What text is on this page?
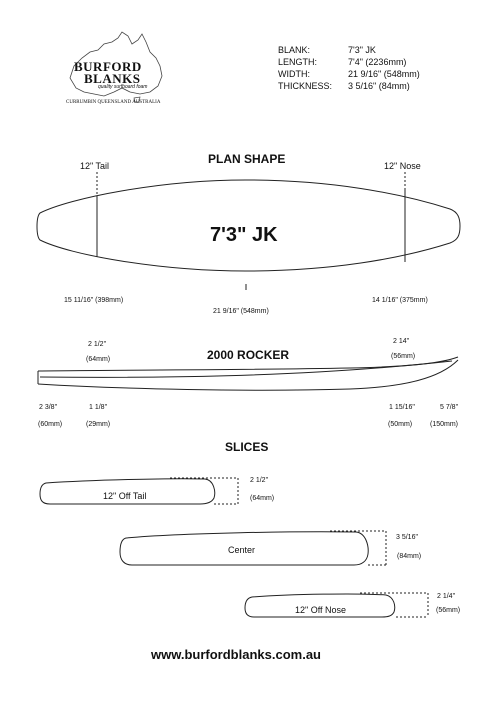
BURFORD
BLANKS
quality surfboard foam
CURRUMBIN QUEENSLAND AUSTRALIA
BLANK:	7'3" JK
LENGTH:	7'4" (2236mm)
WIDTH:	21 9/16" (548mm)
THICKNESS: 3 5/16" (84mm)
PLAN SHAPE
12" Tail	12" Nose
7'3" JK
15 11/16" (398mm)
21 9/16" (548mm)
14 1/16" (375mm)
2000 ROCKER
2 1/2"
(64mm)
2 14"
(56mm)
2 3/8"
(60mm)
1 1/8"
(29mm)
1 15/16"
(50mm)
5 7/8"
(150mm)
SLICES
12" Off Tail
2 1/2"
(64mm)
Center
3 5/16"
(84mm)
12" Off Nose
2 1/4"
(56mm)
www.burfordblanks.com.au
